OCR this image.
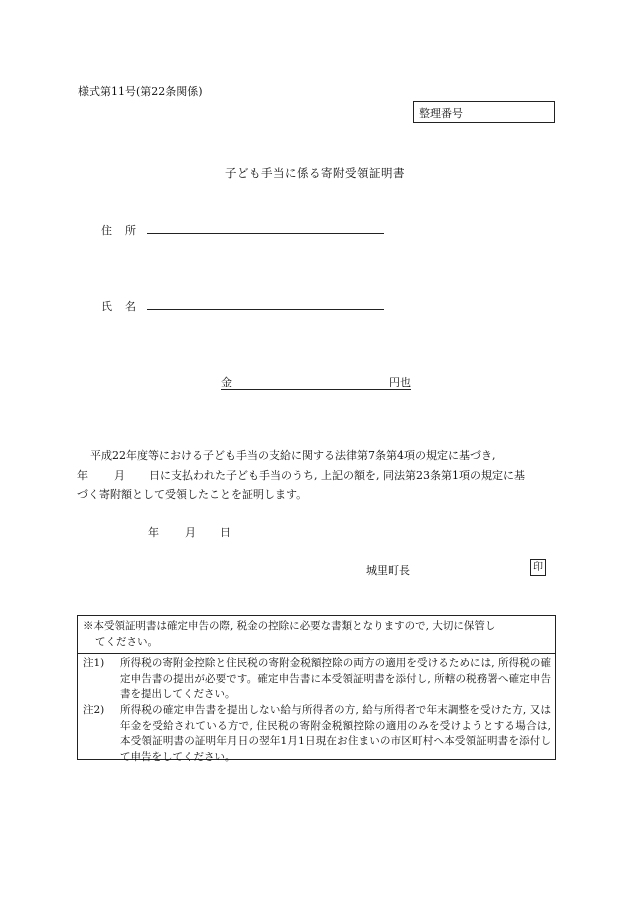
様式第11号(第22条関係)
整理番号
子ども手当に係る寄附受領証明書
住 所
氏 名
金	円也

平成22年度等における子ども手当の支給に関する法律第7条第4項の規定に基づき,

年 月 日に支払われた子ども手当のうち, 上記の額を, 同法第23条第1項の規定に基

づく寄附額として受領したことを証明します。

年 月 日
城里町長	印
※本受領証明書は確定申告の際, 税金の控除に必要な書類となりますので, 大切に保管し
てください。
注1) 所得税の寄附金控除と住民税の寄附金税額控除の両方の適用を受けるためには, 所得税の確定申告書の提出が必要です。確定申告書に本受領証明書を添付し, 所轄の税務署へ確定申告書を提出してください。
注2) 所得税の確定申告書を提出しない給与所得者の方, 給与所得者で年末調整を受けた方, 又は年金を受給されている方で, 住民税の寄附金税額控除の適用のみを受けようとする場合は, 本受領証明書の証明年月日の翌年1月1日現在お住まいの市区町村へ本受領証明書を添付して申告をしてください。
